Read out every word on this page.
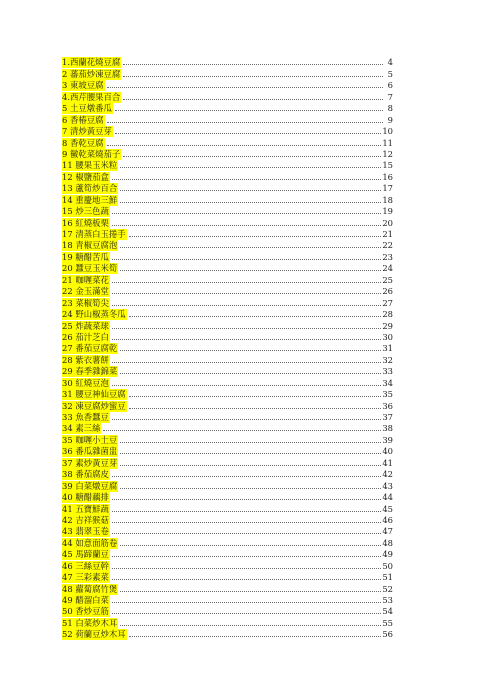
1.西蘭花燒豆腐	4
2 蕃茄炒凍豆腐	5
3 東坡豆腐	6
4.西芹腰果百合	7
5 土豆燉番瓜	8
6 香椿豆腐	9
7 清炒黃豆芽	10
8 香乾豆腐	11
9 黴乾菜燒茄子	12
11 腰果玉米粒	15
12 椒鹽茄盒	16
13 蘆筍炒百合	17
14 重慶地三鮮	18
15 炒三色蔬	19
16 紅燒板栗	20
17 清蒸白玉捲手	21
18 青椒豆腐泡	22
19 糖醋苦瓜	23
20 蠶豆玉米筍	24
21 咖喱菜花	25
22 金玉滿堂	26
23 菜椒筍尖	27
24 野山椒蒸冬瓜	28
25 炸蔬菜球	29
26 茄汁芝白	30
27 番茄豆腐乾	31
28 紫衣薯餅	32
29 春季雜錦菜	33
30 紅燒豆泡	34
31 腰豆神仙豆腐	35
32 凍豆腐炒蜜豆	36
33 魚香蠶豆	37
34 素三絲	38
35 咖喱小土豆	39
36 番瓜雜菌盅	40
37 素炒黃豆芽	41
38 番茄腐皮	42
39 白菜燉豆腐	43
40 糖醋藕排	44
41 五寶鮮蔬	45
42 吉祥猴菇	46
43 翡翠玉卷	47
44 如意面筋卷	48
45 馬蹄蘭豆	49
46 三絲豆幹	50
47 三彩素菜	51
48 蘿蔔腐竹煲	52
49 醋溜白菜	53
50 香炒豆筋	54
51 白菜炒木耳	55
52 荷蘭豆炒木耳	56
